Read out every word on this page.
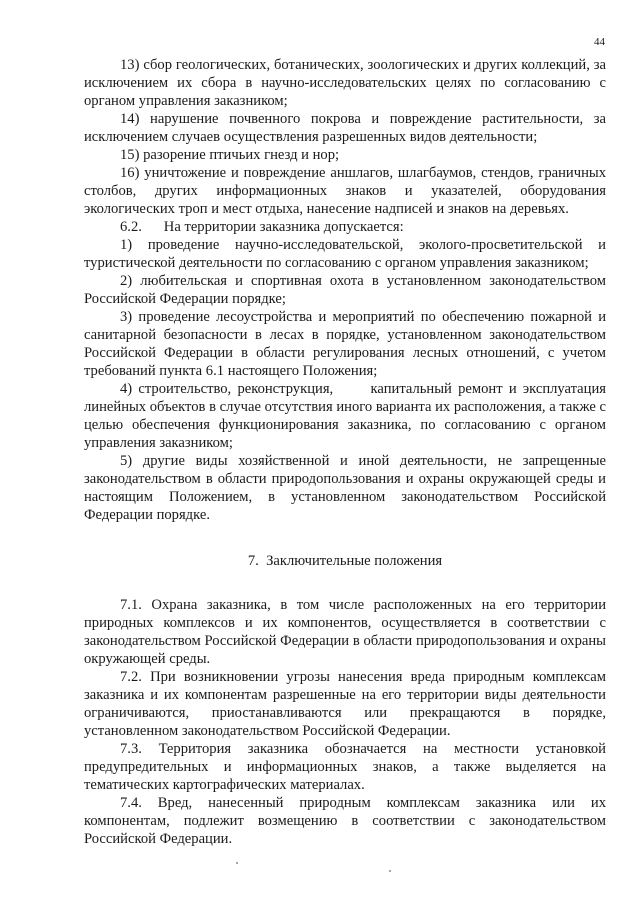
44

13) сбор геологических, ботанических, зоологических и других коллекций, за исключением их сбора в научно-исследовательских целях по согласованию с органом управления заказником;

14) нарушение почвенного покрова и повреждение растительности, за исключением случаев осуществления разрешенных видов деятельности;

15) разорение птичьих гнезд и нор;

16) уничтожение и повреждение аншлагов, шлагбаумов, стендов, граничных столбов, других информационных знаков и указателей, оборудования экологических троп и мест отдыха, нанесение надписей и знаков на деревьях.

6.2.      На территории заказника допускается:

1) проведение научно-исследовательской, эколого-просветительской и туристической деятельности по согласованию с органом управления заказником;

2) любительская и спортивная охота в установленном законодательством Российской Федерации порядке;

3) проведение лесоустройства и мероприятий по обеспечению пожарной и санитарной безопасности в лесах в порядке, установленном законодательством Российской Федерации в области регулирования лесных отношений, с учетом требований пункта 6.1 настоящего Положения;

4) строительство, реконструкция,      капитальный ремонт и эксплуатация линейных объектов в случае отсутствия иного варианта их расположения, а также с целью обеспечения функционирования заказника, по согласованию с органом управления заказником;

5) другие виды хозяйственной и иной деятельности, не запрещенные законодательством в области природопользования и охраны окружающей среды и настоящим Положением, в установленном законодательством Российской Федерации порядке.

7.  Заключительные положения

7.1. Охрана заказника, в том числе расположенных на его территории природных комплексов и их компонентов, осуществляется в соответствии с законодательством Российской Федерации в области природопользования и охраны окружающей среды.

7.2. При возникновении угрозы нанесения вреда природным комплексам заказника и их компонентам разрешенные на его территории виды деятельности ограничиваются, приостанавливаются или прекращаются в порядке, установленном законодательством Российской Федерации.

7.3. Территория заказника обозначается на местности установкой предупредительных и информационных знаков, а также выделяется на тематических картографических материалах.

7.4. Вред, нанесенный природным комплексам заказника или их компонентам, подлежит возмещению в соответствии с законодательством Российской Федерации.
